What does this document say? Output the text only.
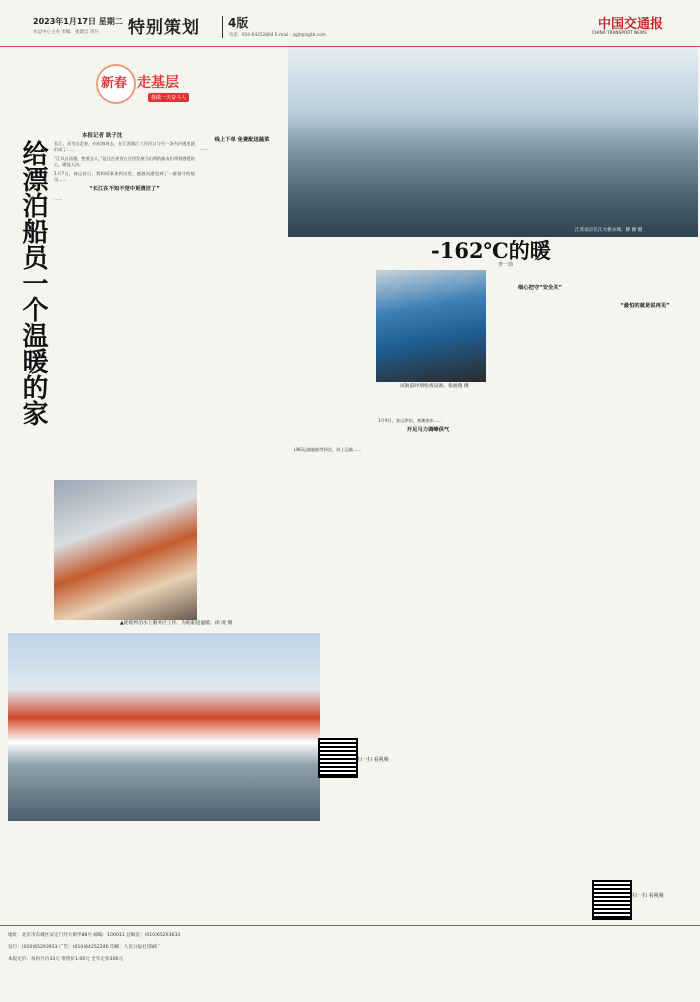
2023年1月17日 星期二
水运中心主办 责编：张建忠 审片 特别策划 4版
电话：010-64252864 E-mail：zgjt@zgjtb.com
中国交通报
CHINA TRANSPORT NEWS
新春 走基层
我做一天奋斗人
给漂泊船员一个温暖的家
本报记者 耿子沈

长江，从雪山走来，向东海奔去，在江苏镇江六圩河口与另一条内河遇见就形成了……

“江风自清越，想要去人，”是这在驶晋在这里发展当出两的船友们带着感恩的心，暖流入冷。

1月7日，春运首日，我和同事来到这里，感激而感见到了一群值守的船员……

“长江在不知不觉中更清洁了”

……

线上下单 免费配送蔬菜

……

▲轮船停泊水上服务区工作。为船舶送温暖。徐 凌 摄
江苏南京长江大桥水域。滕 刚 摄
-162℃的暖
李一沛
试航前时刻检查设备。张福燕 摄

LNG运输船舶等到达，海上运输……

1月9日，春运伊始，寒潮袭来……

开足马力调峰供气
细心把守“安全关”
“最怕的就是说再见”
扫一扫 看视频
扫一扫 看视频
地址：北京市东城区安定门外大街甲88号 邮编：100011 总编室：(010)65293633
发行：(010)65293933 广告：(010)64252246 印刷：人民日报社印刷厂
本报定价：每份月价33元 零售价1.00元 全年定价300元
